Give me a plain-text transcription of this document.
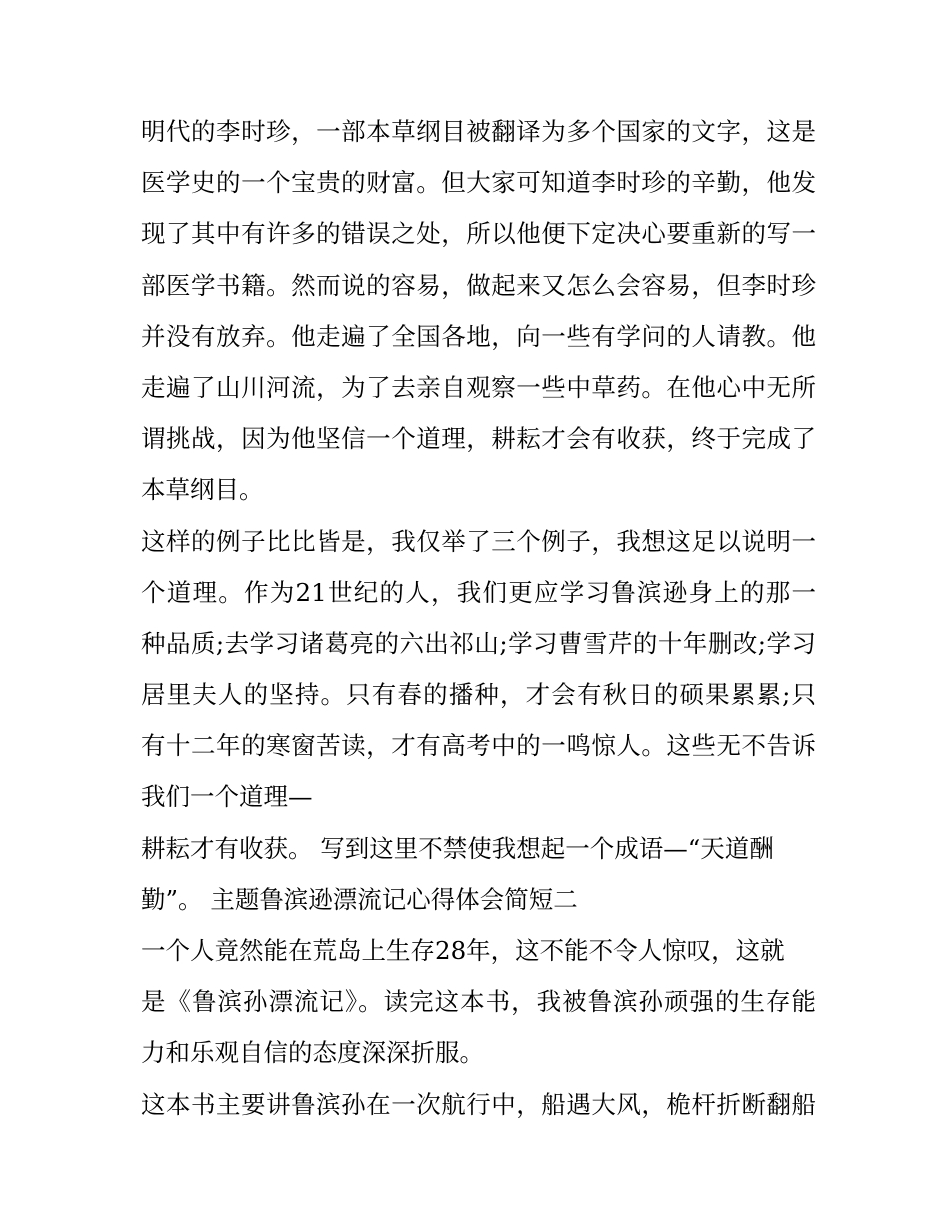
明代的李时珍，一部本草纲目被翻译为多个国家的文字，这是
医学史的一个宝贵的财富。但大家可知道李时珍的辛勤，他发
现了其中有许多的错误之处，所以他便下定决心要重新的写一
部医学书籍。然而说的容易，做起来又怎么会容易，但李时珍
并没有放弃。他走遍了全国各地，向一些有学问的人请教。他
走遍了山川河流，为了去亲自观察一些中草药。在他心中无所
谓挑战，因为他坚信一个道理，耕耘才会有收获，终于完成了
本草纲目。
这样的例子比比皆是，我仅举了三个例子，我想这足以说明一
个道理。作为21世纪的人，我们更应学习鲁滨逊身上的那一
种品质;去学习诸葛亮的六出祁山;学习曹雪芹的十年删改;学习
居里夫人的坚持。只有春的播种，才会有秋日的硕果累累;只
有十二年的寒窗苦读，才有高考中的一鸣惊人。这些无不告诉
我们一个道理—
耕耘才有收获。 写到这里不禁使我想起一个成语—“天道酬
勤”。 主题鲁滨逊漂流记心得体会简短二
一个人竟然能在荒岛上生存28年，这不能不令人惊叹，这就
是《鲁滨孙漂流记》。读完这本书，我被鲁滨孙顽强的生存能
力和乐观自信的态度深深折服。
这本书主要讲鲁滨孙在一次航行中，船遇大风，桅杆折断翻船
